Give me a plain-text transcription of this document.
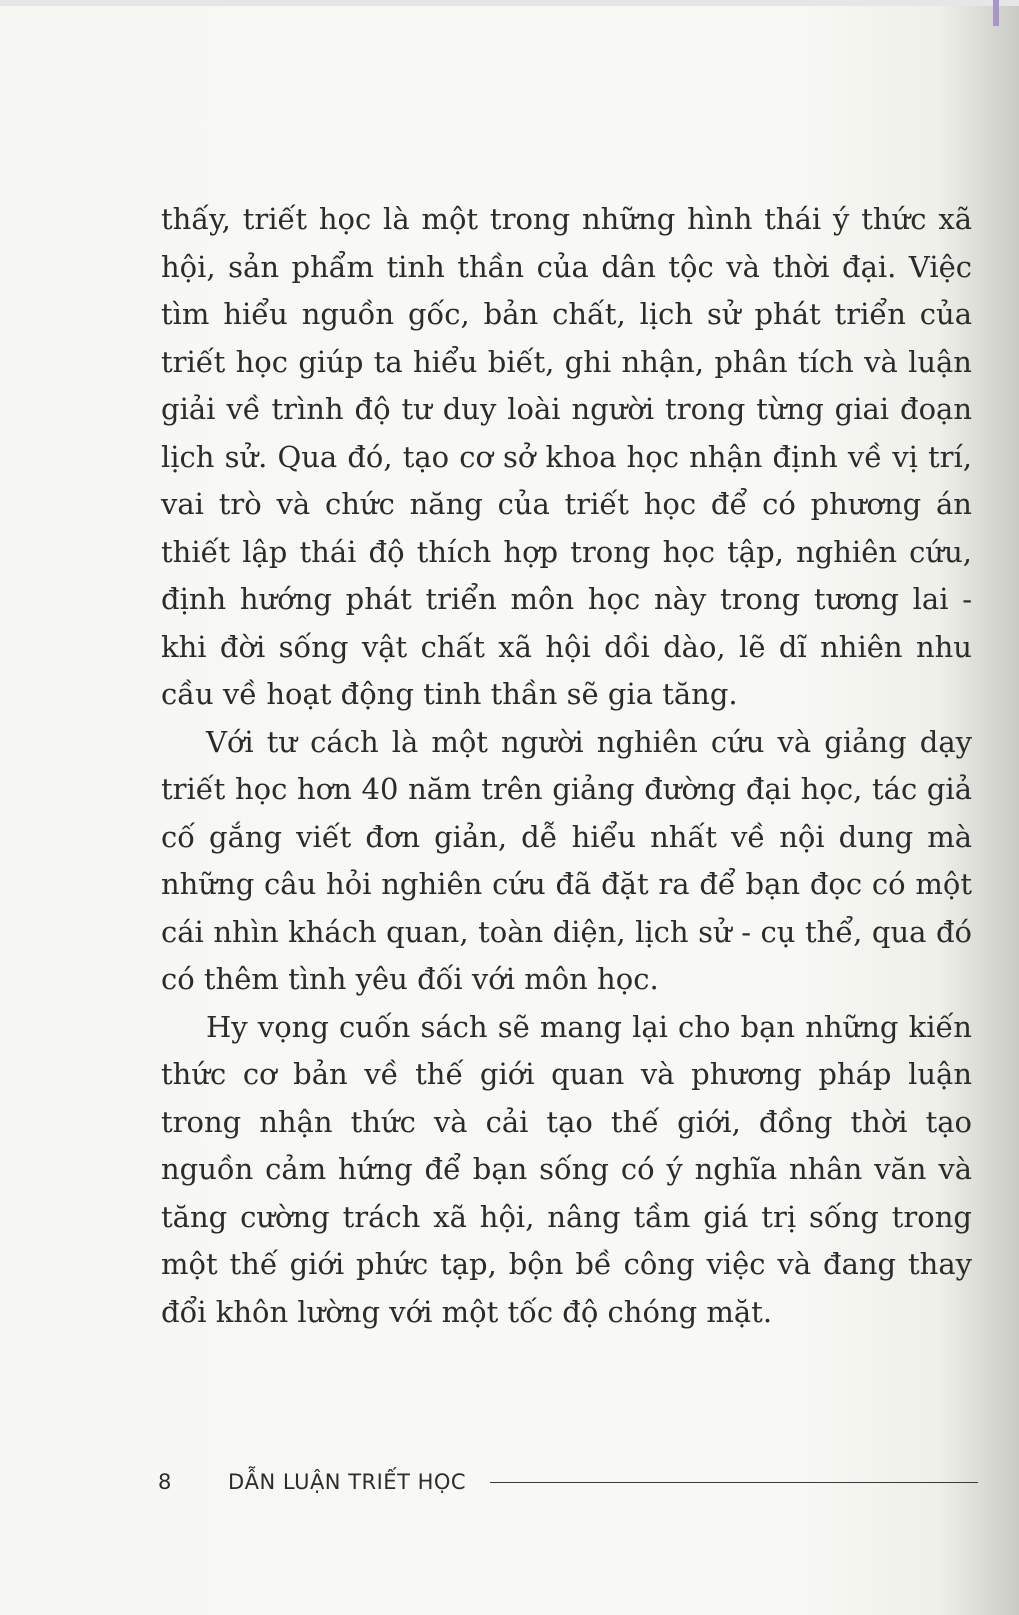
thấy, triết học là một trong những hình thái ý thức xã hội, sản phẩm tinh thần của dân tộc và thời đại. Việc tìm hiểu nguồn gốc, bản chất, lịch sử phát triển của triết học giúp ta hiểu biết, ghi nhận, phân tích và luận giải về trình độ tư duy loài người trong từng giai đoạn lịch sử. Qua đó, tạo cơ sở khoa học nhận định về vị trí, vai trò và chức năng của triết học để có phương án thiết lập thái độ thích hợp trong học tập, nghiên cứu, định hướng phát triển môn học này trong tương lai - khi đời sống vật chất xã hội dồi dào, lẽ dĩ nhiên nhu cầu về hoạt động tinh thần sẽ gia tăng.

Với tư cách là một người nghiên cứu và giảng dạy triết học hơn 40 năm trên giảng đường đại học, tác giả cố gắng viết đơn giản, dễ hiểu nhất về nội dung mà những câu hỏi nghiên cứu đã đặt ra để bạn đọc có một cái nhìn khách quan, toàn diện, lịch sử - cụ thể, qua đó có thêm tình yêu đối với môn học.

Hy vọng cuốn sách sẽ mang lại cho bạn những kiến thức cơ bản về thế giới quan và phương pháp luận trong nhận thức và cải tạo thế giới, đồng thời tạo nguồn cảm hứng để bạn sống có ý nghĩa nhân văn và tăng cường trách xã hội, nâng tầm giá trị sống trong một thế giới phức tạp, bộn bề công việc và đang thay đổi khôn lường với một tốc độ chóng mặt.

8	DẪN LUẬN TRIẾT HỌC
